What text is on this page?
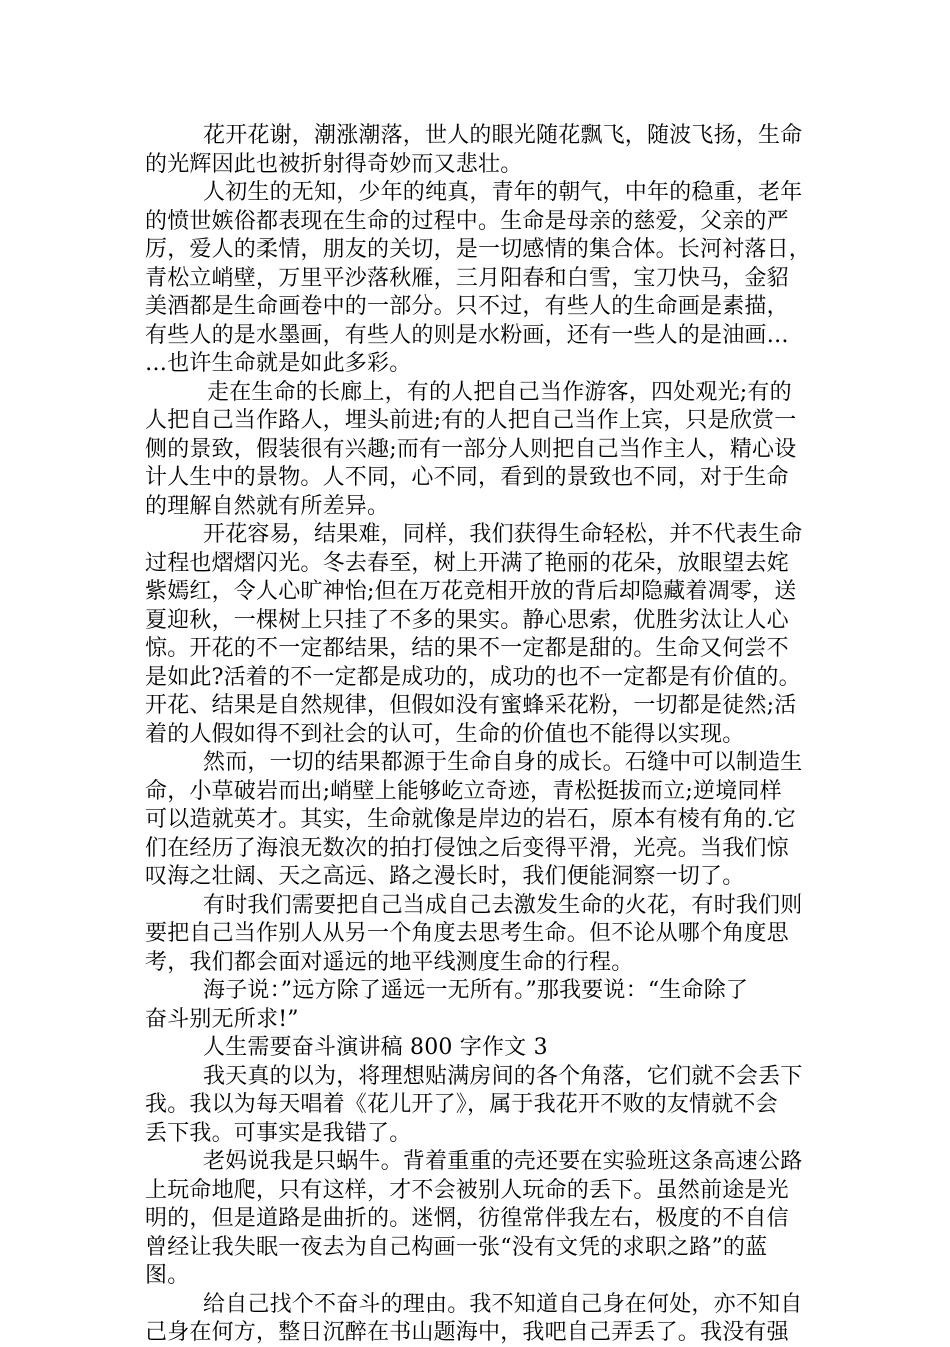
花开花谢，潮涨潮落，世人的眼光随花飘飞，随波飞扬，生命
的光辉因此也被折射得奇妙而又悲壮。
人初生的无知，少年的纯真，青年的朝气，中年的稳重，老年
的愤世嫉俗都表现在生命的过程中。生命是母亲的慈爱，父亲的严
厉，爱人的柔情，朋友的关切，是一切感情的集合体。长河衬落日，
青松立峭壁，万里平沙落秋雁，三月阳春和白雪，宝刀快马，金貂
美酒都是生命画卷中的一部分。只不过，有些人的生命画是素描，
有些人的是水墨画，有些人的则是水粉画，还有一些人的是油画…
…也许生命就是如此多彩。
走在生命的长廊上，有的人把自己当作游客，四处观光;有的
人把自己当作路人，埋头前进;有的人把自己当作上宾，只是欣赏一
侧的景致，假装很有兴趣;而有一部分人则把自己当作主人，精心设
计人生中的景物。人不同，心不同，看到的景致也不同，对于生命
的理解自然就有所差异。
开花容易，结果难，同样，我们获得生命轻松，并不代表生命
过程也熠熠闪光。冬去春至，树上开满了艳丽的花朵，放眼望去姹
紫嫣红，令人心旷神怡;但在万花竞相开放的背后却隐藏着凋零，送
夏迎秋，一棵树上只挂了不多的果实。静心思索，优胜劣汰让人心
惊。开花的不一定都结果，结的果不一定都是甜的。生命又何尝不
是如此?活着的不一定都是成功的，成功的也不一定都是有价值的。
开花、结果是自然规律，但假如没有蜜蜂采花粉，一切都是徒然;活
着的人假如得不到社会的认可，生命的价值也不能得以实现。
然而，一切的结果都源于生命自身的成长。石缝中可以制造生
命，小草破岩而出;峭壁上能够屹立奇迹，青松挺拔而立;逆境同样
可以造就英才。其实，生命就像是岸边的岩石，原本有棱有角的.它
们在经历了海浪无数次的拍打侵蚀之后变得平滑，光亮。当我们惊
叹海之壮阔、天之高远、路之漫长时，我们便能洞察一切了。
有时我们需要把自己当成自己去激发生命的火花，有时我们则
要把自己当作别人从另一个角度去思考生命。但不论从哪个角度思
考，我们都会面对遥远的地平线测度生命的行程。
海子说：”远方除了遥远一无所有。”那我要说：“生命除了
奋斗别无所求!”
人生需要奋斗演讲稿 800 字作文 3
我天真的以为，将理想贴满房间的各个角落，它们就不会丢下
我。我以为每天唱着《花儿开了》，属于我花开不败的友情就不会
丢下我。可事实是我错了。
老妈说我是只蜗牛。背着重重的壳还要在实验班这条高速公路
上玩命地爬，只有这样，才不会被别人玩命的丢下。虽然前途是光
明的，但是道路是曲折的。迷惘，彷徨常伴我左右，极度的不自信
曾经让我失眠一夜去为自己构画一张“没有文凭的求职之路”的蓝
图。
给自己找个不奋斗的理由。我不知道自己身在何处，亦不知自
己身在何方，整日沉醉在书山题海中，我吧自己弄丢了。我没有强
